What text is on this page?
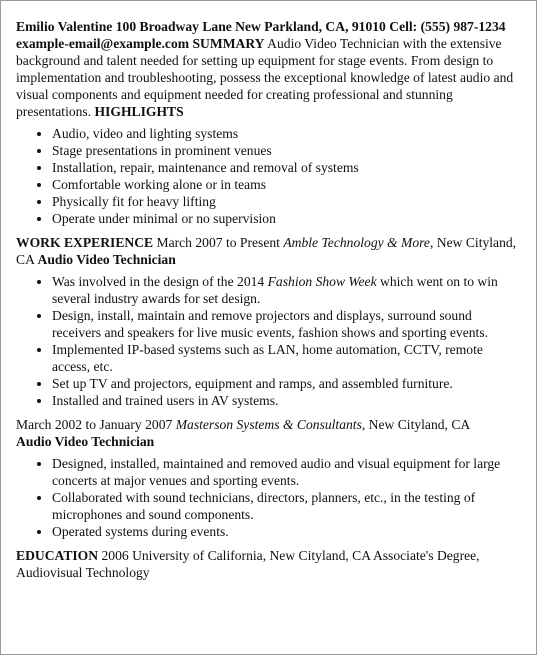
Emilio Valentine 100 Broadway Lane New Parkland, CA, 91010 Cell: (555) 987-1234 example-email@example.com SUMMARY Audio Video Technician with the extensive background and talent needed for setting up equipment for stage events. From design to implementation and troubleshooting, possess the exceptional knowledge of latest audio and visual components and equipment needed for creating professional and stunning presentations. HIGHLIGHTS

• Audio, video and lighting systems
• Stage presentations in prominent venues
• Installation, repair, maintenance and removal of systems
• Comfortable working alone or in teams
• Physically fit for heavy lifting
• Operate under minimal or no supervision

WORK EXPERIENCE March 2007 to Present Amble Technology & More, New Cityland, CA Audio Video Technician

• Was involved in the design of the 2014 Fashion Show Week which went on to win several industry awards for set design.
• Design, install, maintain and remove projectors and displays, surround sound receivers and speakers for live music events, fashion shows and sporting events.
• Implemented IP-based systems such as LAN, home automation, CCTV, remote access, etc.
• Set up TV and projectors, equipment and ramps, and assembled furniture.
• Installed and trained users in AV systems.

March 2002 to January 2007 Masterson Systems & Consultants, New Cityland, CA
Audio Video Technician

• Designed, installed, maintained and removed audio and visual equipment for large concerts at major venues and sporting events.
• Collaborated with sound technicians, directors, planners, etc., in the testing of microphones and sound components.
• Operated systems during events.

EDUCATION 2006 University of California, New Cityland, CA Associate's Degree, Audiovisual Technology
